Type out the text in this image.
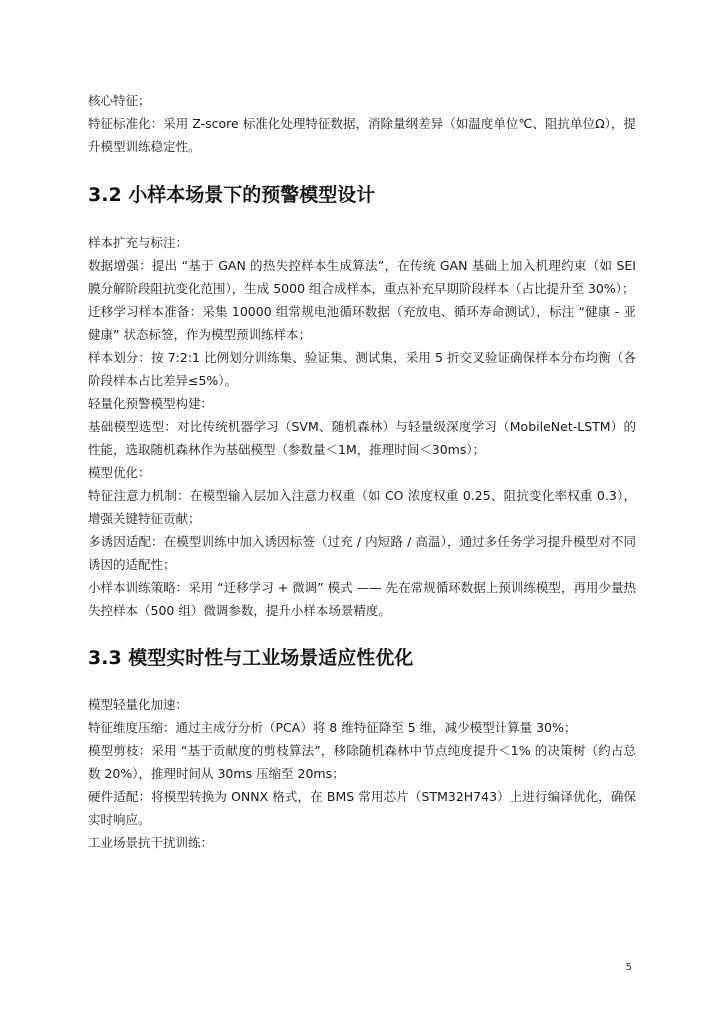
核心特征；

特征标准化：采用 Z-score 标准化处理特征数据，消除量纲差异（如温度单位℃、阻抗单位Ω），提升模型训练稳定性。

3.2 小样本场景下的预警模型设计

样本扩充与标注：

数据增强：提出 “基于 GAN 的热失控样本生成算法”，在传统 GAN 基础上加入机理约束（如 SEI 膜分解阶段阻抗变化范围），生成 5000 组合成样本，重点补充早期阶段样本（占比提升至 30%）；

迁移学习样本准备：采集 10000 组常规电池循环数据（充放电、循环寿命测试），标注 “健康 - 亚健康” 状态标签，作为模型预训练样本；

样本划分：按 7:2:1 比例划分训练集、验证集、测试集，采用 5 折交叉验证确保样本分布均衡（各阶段样本占比差异≤5%）。

轻量化预警模型构建：

基础模型选型：对比传统机器学习（SVM、随机森林）与轻量级深度学习（MobileNet-LSTM）的性能，选取随机森林作为基础模型（参数量＜1M，推理时间＜30ms）；

模型优化：

特征注意力机制：在模型输入层加入注意力权重（如 CO 浓度权重 0.25、阻抗变化率权重 0.3），增强关键特征贡献；

多诱因适配：在模型训练中加入诱因标签（过充 / 内短路 / 高温），通过多任务学习提升模型对不同诱因的适配性；

小样本训练策略：采用 “迁移学习 + 微调” 模式 —— 先在常规循环数据上预训练模型，再用少量热失控样本（500 组）微调参数，提升小样本场景精度。

3.3 模型实时性与工业场景适应性优化

模型轻量化加速：

特征维度压缩：通过主成分分析（PCA）将 8 维特征降至 5 维，减少模型计算量 30%；

模型剪枝：采用 “基于贡献度的剪枝算法”，移除随机森林中节点纯度提升＜1% 的决策树（约占总数 20%），推理时间从 30ms 压缩至 20ms；

硬件适配：将模型转换为 ONNX 格式，在 BMS 常用芯片（STM32H743）上进行编译优化，确保实时响应。

工业场景抗干扰训练：

5
